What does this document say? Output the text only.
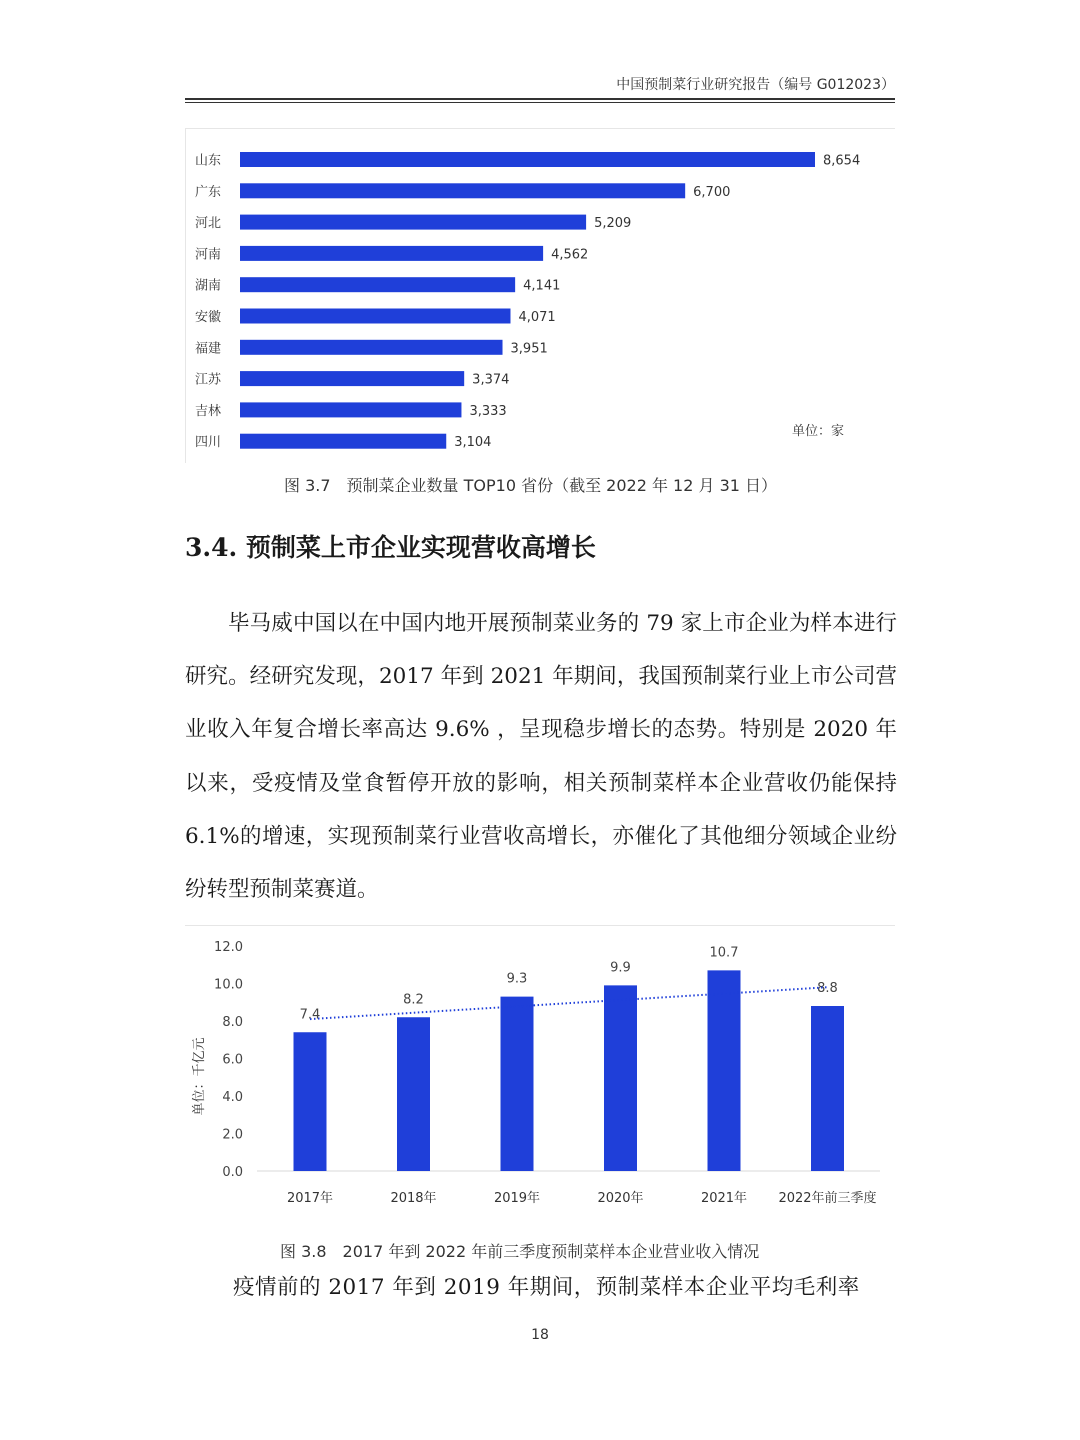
中国预制菜行业研究报告（编号 G012023）
山东	8,654
广东	6,700
河北	5,209
河南	4,562
湖南	4,141
安徽	4,071
福建	3,951
江苏	3,374
吉林	3,333
四川	3,104
单位：家
图 3.7　预制菜企业数量 TOP10 省份（截至 2022 年 12 月 31 日）
3.4. 预制菜上市企业实现营收高增长

毕马威中国以在中国内地开展预制菜业务的 79 家上市企业为样本进行研究。经研究发现，2017 年到 2021 年期间，我国预制菜行业上市公司营业收入年复合增长率高达 9.6% ，呈现稳步增长的态势。特别是 2020 年以来，受疫情及堂食暂停开放的影响，相关预制菜样本企业营收仍能保持 6.1%的增速，实现预制菜行业营收高增长，亦催化了其他细分领域企业纷纷转型预制菜赛道。

单位：千亿元
0.0
2.0
4.0
6.0
8.0
10.0
12.0
7.4
2017年
8.2
2018年
9.3
2019年
9.9
2020年
10.7
2021年
8.8
2022年前三季度
图 3.8　2017 年到 2022 年前三季度预制菜样本企业营业收入情况
疫情前的 2017 年到 2019 年期间，预制菜样本企业平均毛利率
18
